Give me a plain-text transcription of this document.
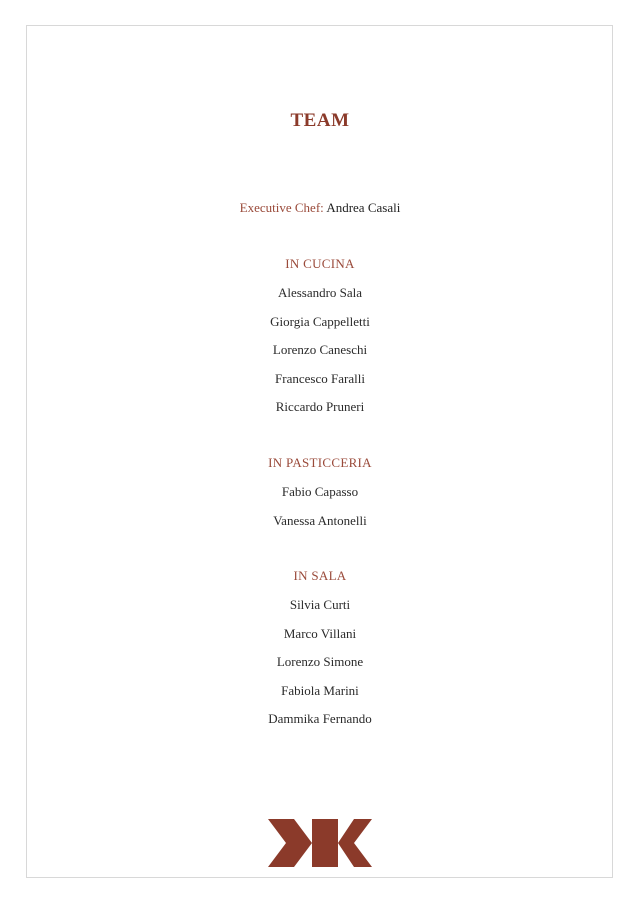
TEAM
Executive Chef: Andrea Casali
IN CUCINA
Alessandro Sala
Giorgia Cappelletti
Lorenzo Caneschi
Francesco Faralli
Riccardo Pruneri
IN PASTICCERIA
Fabio Capasso
Vanessa Antonelli
IN SALA
Silvia Curti
Marco Villani
Lorenzo Simone
Fabiola Marini
Dammika Fernando
